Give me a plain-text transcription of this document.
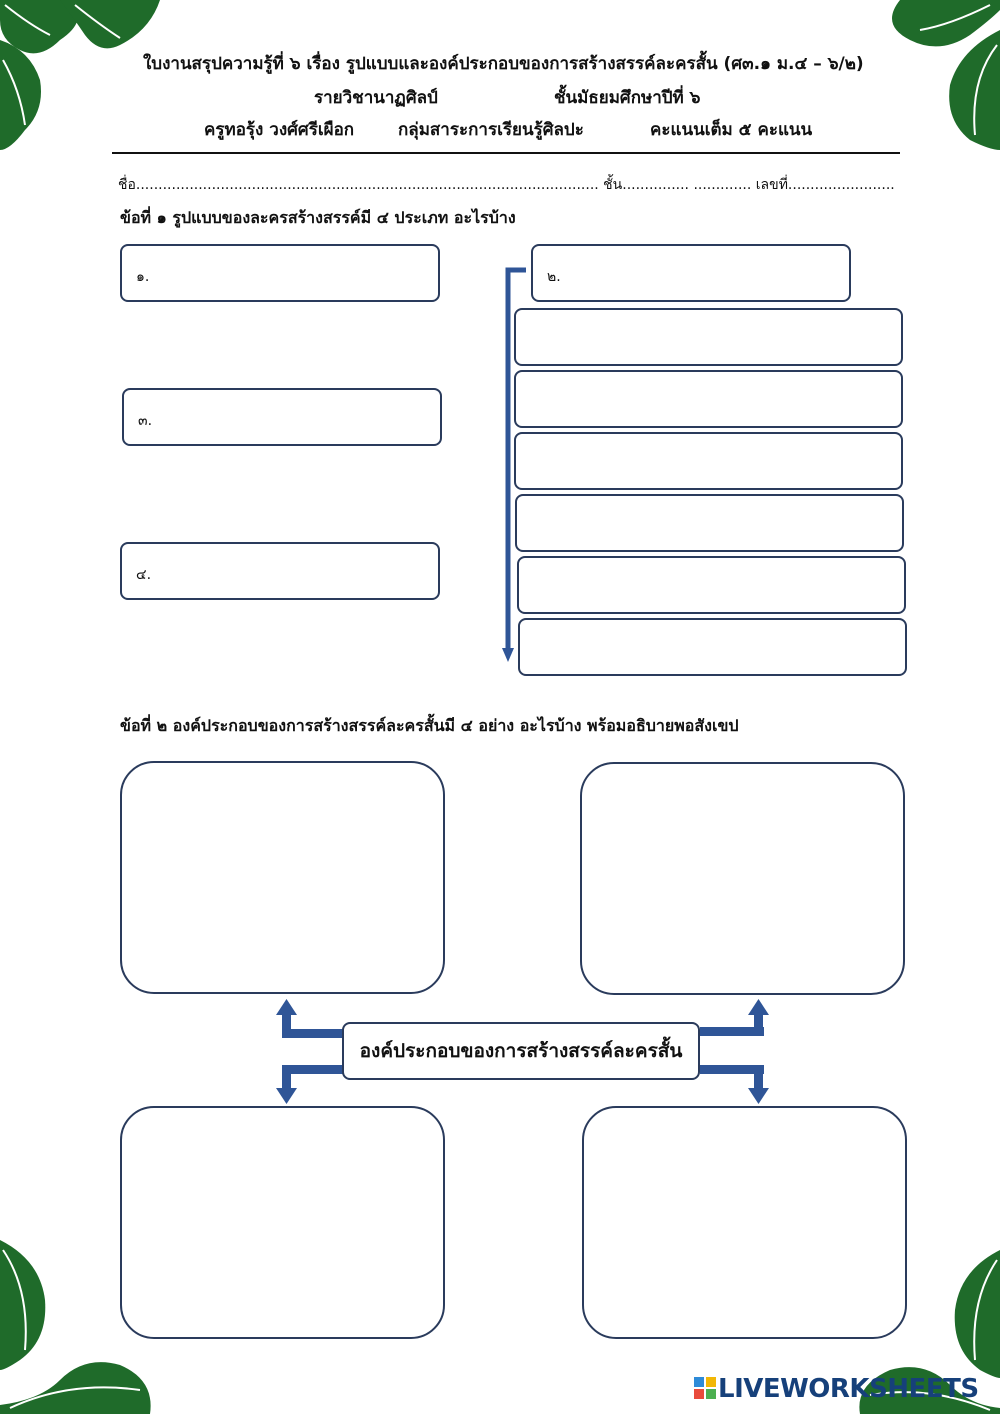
ใบงานสรุปความรู้ที่ ๖ เรื่อง รูปแบบและองค์ประกอบของการสร้างสรรค์ละครสั้น (ศ๓.๑ ม.๔ – ๖/๒)
รายวิชานาฏศิลป์	ชั้นมัธยมศึกษาปีที่ ๖
ครูทอรุ้ง วงศ์ศรีเผือก	กลุ่มสาระการเรียนรู้ศิลปะ	คะแนนเต็ม ๕ คะแนน
ชื่อ........................................................................................................ ชั้น............... ............. เลขที่........................
ข้อที่ ๑ รูปแบบของละครสร้างสรรค์มี ๔ ประเภท อะไรบ้าง
๑.
๓.
๔.
๒.
ข้อที่ ๒ องค์ประกอบของการสร้างสรรค์ละครสั้นมี ๔ อย่าง อะไรบ้าง พร้อมอธิบายพอสังเขป
องค์ประกอบของการสร้างสรรค์ละครสั้น
LIVEWORKSHEETS
